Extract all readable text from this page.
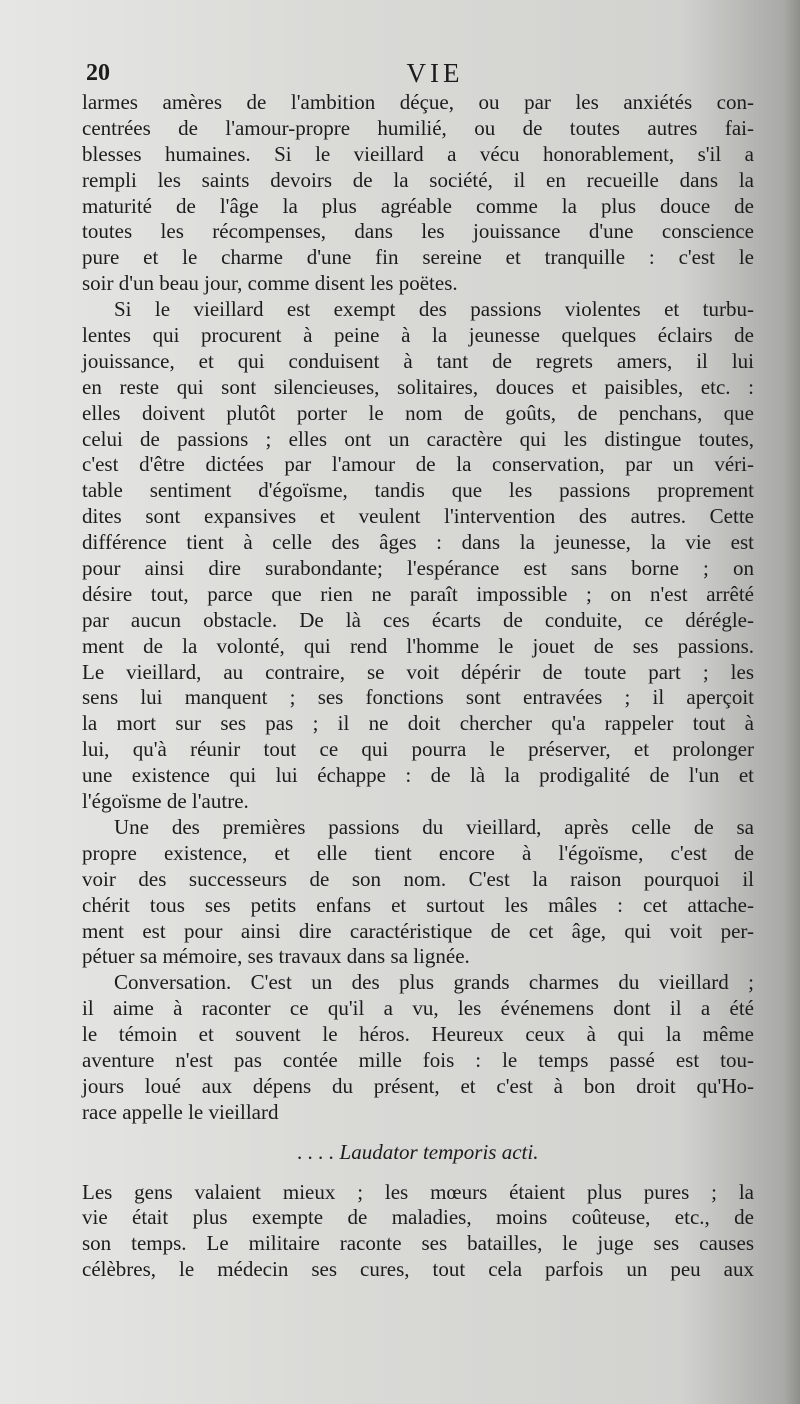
20	VIE
larmes amères de l'ambition déçue, ou par les anxiétés con-
centrées de l'amour-propre humilié, ou de toutes autres fai-
blesses humaines. Si le vieillard a vécu honorablement, s'il a
rempli les saints devoirs de la société, il en recueille dans la
maturité de l'âge la plus agréable comme la plus douce de
toutes les récompenses, dans les jouissance d'une conscience
pure et le charme d'une fin sereine et tranquille : c'est le
soir d'un beau jour, comme disent les poëtes.
Si le vieillard est exempt des passions violentes et turbu-
lentes qui procurent à peine à la jeunesse quelques éclairs de
jouissance, et qui conduisent à tant de regrets amers, il lui
en reste qui sont silencieuses, solitaires, douces et paisibles, etc. :
elles doivent plutôt porter le nom de goûts, de penchans, que
celui de passions ; elles ont un caractère qui les distingue toutes,
c'est d'être dictées par l'amour de la conservation, par un véri-
table sentiment d'égoïsme, tandis que les passions proprement
dites sont expansives et veulent l'intervention des autres. Cette
différence tient à celle des âges : dans la jeunesse, la vie est
pour ainsi dire surabondante; l'espérance est sans borne ; on
désire tout, parce que rien ne paraît impossible ; on n'est arrêté
par aucun obstacle. De là ces écarts de conduite, ce dérégle-
ment de la volonté, qui rend l'homme le jouet de ses passions.
Le vieillard, au contraire, se voit dépérir de toute part ; les
sens lui manquent ; ses fonctions sont entravées ; il aperçoit
la mort sur ses pas ; il ne doit chercher qu'a rappeler tout à
lui, qu'à réunir tout ce qui pourra le préserver, et prolonger
une existence qui lui échappe : de là la prodigalité de l'un et
l'égoïsme de l'autre.
Une des premières passions du vieillard, après celle de sa
propre existence, et elle tient encore à l'égoïsme, c'est de
voir des successeurs de son nom. C'est la raison pourquoi il
chérit tous ses petits enfans et surtout les mâles : cet attache-
ment est pour ainsi dire caractéristique de cet âge, qui voit per-
pétuer sa mémoire, ses travaux dans sa lignée.
Conversation. C'est un des plus grands charmes du vieillard ;
il aime à raconter ce qu'il a vu, les événemens dont il a été
le témoin et souvent le héros. Heureux ceux à qui la même
aventure n'est pas contée mille fois : le temps passé est tou-
jours loué aux dépens du présent, et c'est à bon droit qu'Ho-
race appelle le vieillard
. . . . Laudator temporis acti.
Les gens valaient mieux ; les mœurs étaient plus pures ; la
vie était plus exempte de maladies, moins coûteuse, etc., de
son temps. Le militaire raconte ses batailles, le juge ses causes
célèbres, le médecin ses cures, tout cela parfois un peu aux
